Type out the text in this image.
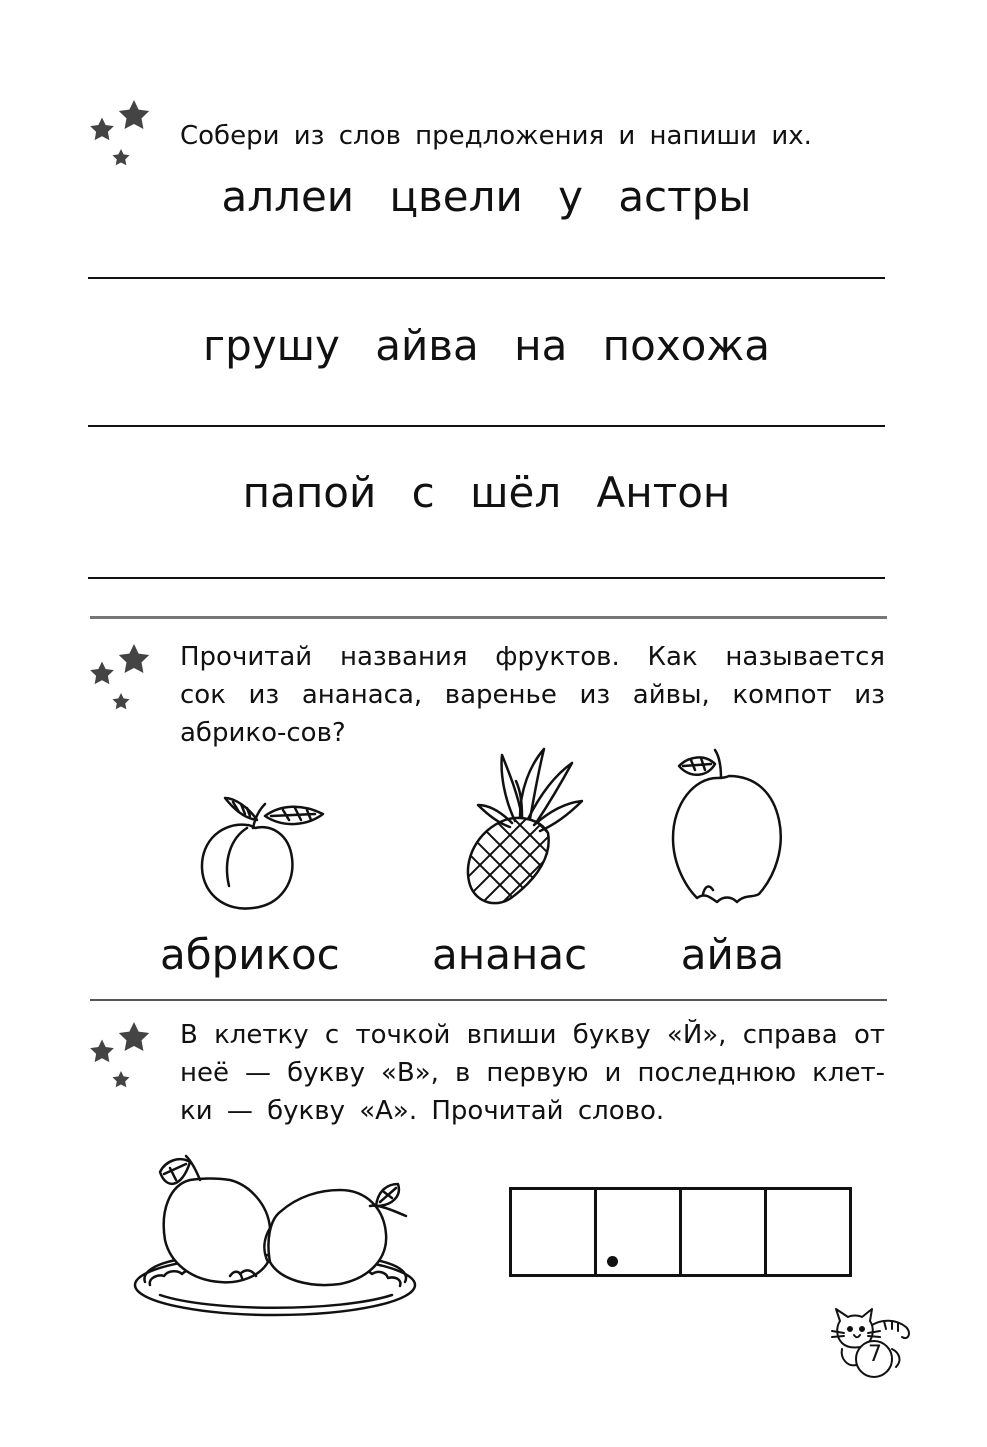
Собери из слов предложения и напиши их.
аллеи цвели у астры
грушу айва на похожа
папой с шёл Антон
Прочитай названия фруктов. Как называется сок из ананаса, варенье из айвы, компот из абрико-сов?
абрикос ананас айва
В клетку с точкой впиши букву «Й», справа от неё — букву «В», в первую и последнюю клет-ки — букву «А». Прочитай слово.
7
